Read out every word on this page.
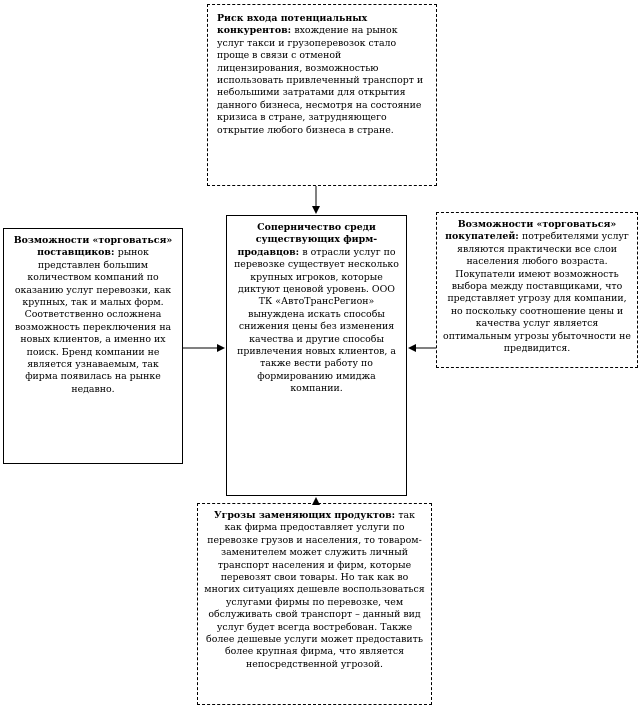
Риск входа потенциальных конкурентов: вхождение на рынок услуг такси и грузоперевозок стало проще в связи с отменой лицензирования, возможностью использовать привлеченный транспорт и небольшими затратами для открытия данного бизнеса, несмотря на состояние кризиса в стране, затрудняющего открытие любого бизнеса в стране.
Возможности «торговаться» поставщиков: рынок представлен большим количеством компаний по оказанию услуг перевозки, как крупных, так и малых форм. Соответственно осложнена возможность переключения на новых клиентов, а именно их поиск. Бренд компании не является узнаваемым, так фирма появилась на рынке недавно.
Соперничество среди существующих фирм-продавцов: в отрасли услуг по перевозке существует несколько крупных игроков, которые диктуют ценовой уровень. ООО ТК «АвтоТрансРегион» вынуждена искать способы снижения цены без изменения качества и другие способы привлечения новых клиентов, а также вести работу по формированию имиджа компании.
Возможности «торговаться» покупателей: потребителями услуг являются практически все слои населения любого возраста. Покупатели имеют возможность выбора между поставщиками, что представляет угрозу для компании, но поскольку соотношение цены и качества услуг является оптимальным угрозы убыточности не предвидится.
Угрозы заменяющих продуктов: так как фирма предоставляет услуги по перевозке грузов и населения, то товаром-заменителем может служить личный транспорт населения и фирм, которые перевозят свои товары. Но так как во многих ситуациях дешевле воспользоваться услугами фирмы по перевозке, чем обслуживать свой транспорт – данный вид услуг будет всегда востребован. Также более дешевые услуги может предоставить более крупная фирма, что является непосредственной угрозой.
